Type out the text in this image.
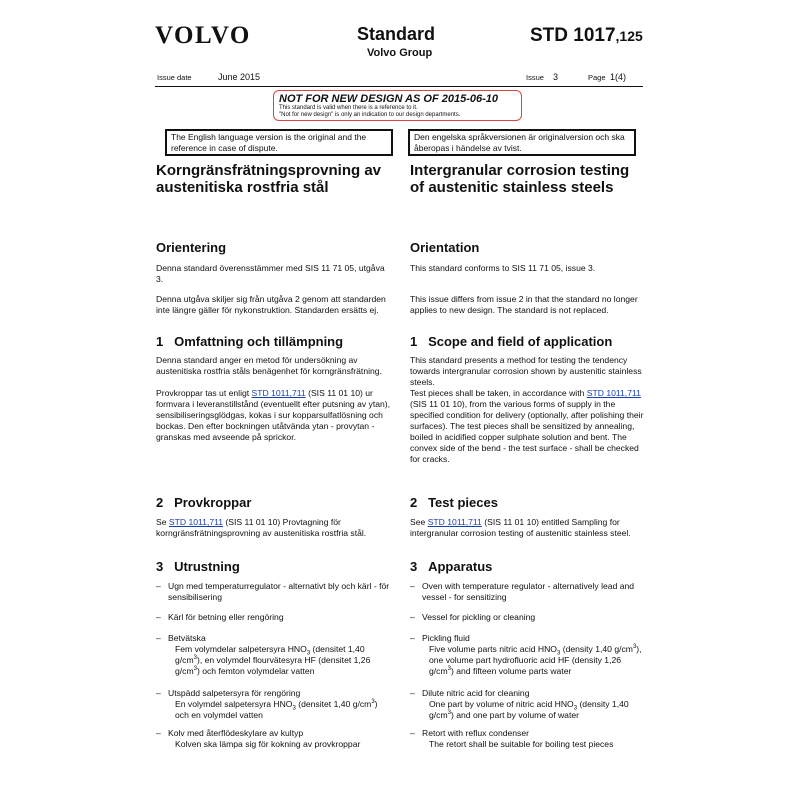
VOLVO	Standard
Volvo Group
STD 1017,125
Issue date	June 2015	Issue 3	Page 1(4)
NOT FOR NEW DESIGN AS OF 2015-06-10
This standard is valid when there is a reference to it.
"Not for new design" is only an indication to our design departments.
The English language version is the original and the reference in case of dispute.
Den engelska språkversionen är originalversion och ska åberopas i händelse av tvist.

Korngränsfrätningsprovning av austenitiska rostfria stål

Orientering

Denna standard överensstämmer med SIS 11 71 05, utgåva 3.

Denna utgåva skiljer sig från utgåva 2 genom att standarden inte längre gäller för nykonstruktion. Standarden ersätts ej.

1 Omfattning och tillämpning

Denna standard anger en metod för undersökning av austenitiska rostfria ståls benägenhet för korngränsfrätning.

Provkroppar tas ut enligt STD 1011,711 (SIS 11 01 10) ur formvara i leveranstillstånd (eventuellt efter putsning av ytan), sensibiliseringsglödgas, kokas i sur kopparsulfatlösning och bockas. Den efter bockningen utåtvända ytan - provytan - granskas med avseende på sprickor.

2 Provkroppar

Se STD 1011,711 (SIS 11 01 10) Provtagning för korngränsfrätningsprovning av austenitiska rostfria stål.

3 Utrustning

– Ugn med temperaturregulator - alternativt bly och kärl - för sensibilisering
– Kärl för betning eller rengöring
– Betvätska
Fem volymdelar salpetersyra $HNO_3$ (densitet 1,40 $g/cm^3$), en volymdel flourvätesyra HF (densitet 1,26 $g/cm^3$) och femton volymdelar vatten
– Utspädd salpetersyra för rengöring
En volymdel salpetersyra $HNO_3$ (densitet 1,40 $g/cm^3$) och en volymdel vatten
– Kolv med återflödeskylare av kultyp
Kolven ska lämpa sig för kokning av provkroppar

Intergranular corrosion testing of austenitic stainless steels

Orientation

This standard conforms to SIS 11 71 05, issue 3.

This issue differs from issue 2 in that the standard no longer applies to new design. The standard is not replaced.

1 Scope and field of application

This standard presents a method for testing the tendency towards intergranular corrosion shown by austenitic stainless steels.

Test pieces shall be taken, in accordance with STD 1011,711 (SIS 11 01 10), from the various forms of supply in the specified condition for delivery (optionally, after polishing their surfaces). The test pieces shall be sensitized by annealing, boiled in acidified copper sulphate solution and bent. The convex side of the bend - the test surface - shall be checked for cracks.

2 Test pieces

See STD 1011,711 (SIS 11 01 10) entitled Sampling for intergranular corrosion testing of austenitic stainless steel.

3 Apparatus

– Oven with temperature regulator - alternatively lead and vessel - for sensitizing
– Vessel for pickling or cleaning
– Pickling fluid
Five volume parts nitric acid $HNO_3$ (density 1,40 $g/cm^3$), one volume part hydrofluoric acid HF (density 1,26 $g/cm^3$) and fifteen volume parts water
– Dilute nitric acid for cleaning
One part by volume of nitric acid $HNO_3$ (density 1,40 $g/cm^3$) and one part by volume of water
– Retort with reflux condenser
The retort shall be suitable for boiling test pieces
